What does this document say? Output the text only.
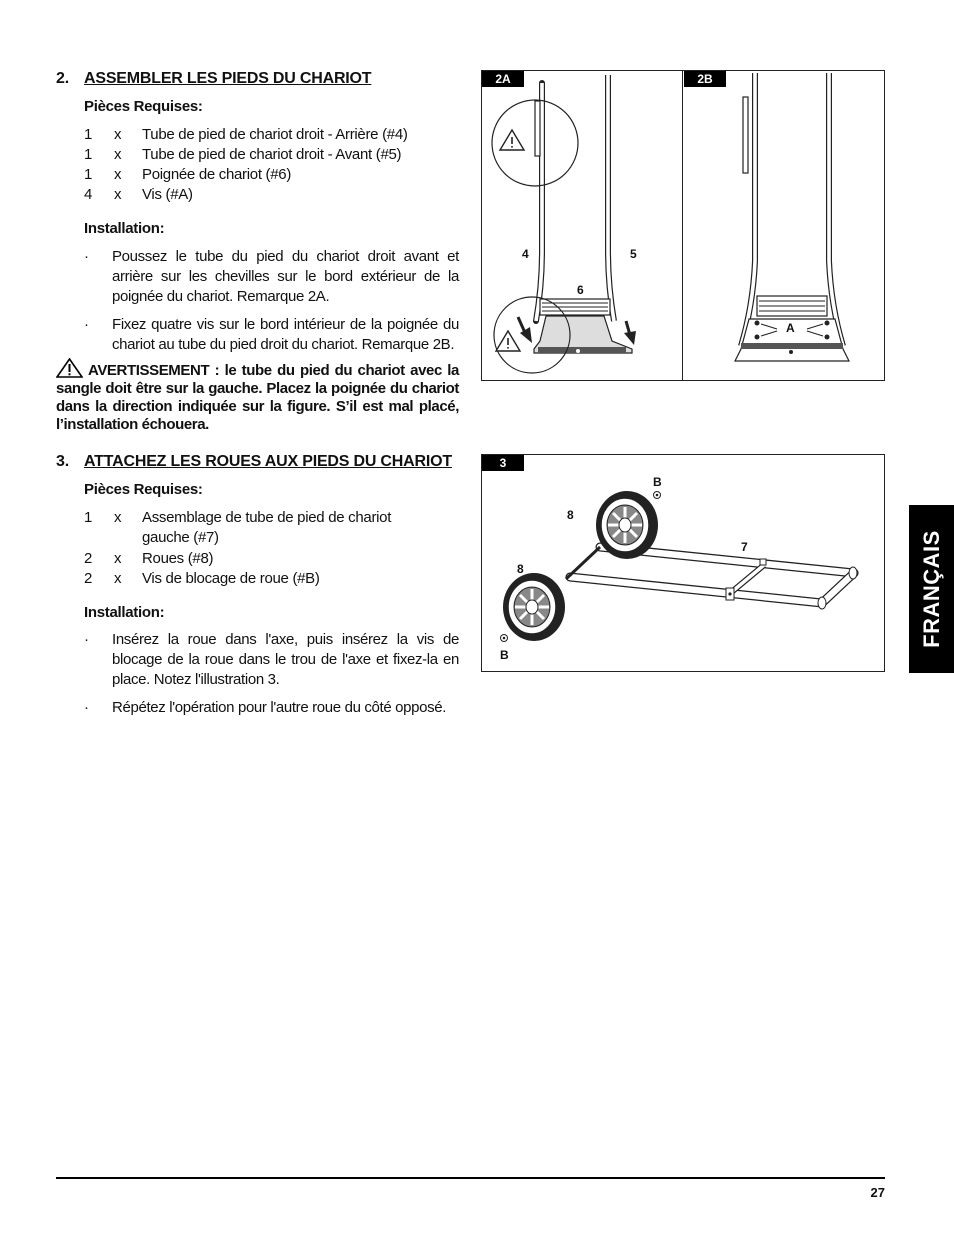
2. ASSEMBLER LES PIEDS DU CHARIOT
Pièces Requises:
1 x Tube de pied de chariot droit - Arrière (#4)
1 x Tube de pied de chariot droit - Avant (#5)
1 x Poignée de chariot (#6)
4 x Vis (#A)
Installation:
· Poussez le tube du pied du chariot droit avant et arrière sur les chevilles sur le bord extérieur de la poignée du chariot. Remarque 2A.
· Fixez quatre vis sur le bord intérieur de la poignée du chariot au tube du pied droit du chariot. Remarque 2B.
AVERTISSEMENT : le tube du pied du chariot avec la sangle doit être sur la gauche. Placez la poignée du chariot dans la direction indiquée sur la figure. S’il est mal placé, l’installation échouera.
2A	2B
4	5
6
A
3. ATTACHEZ LES ROUES AUX PIEDS DU CHARIOT
Pièces Requises:
1 x Assemblage de tube de pied de chariot gauche (#7)
2 x Roues (#8)
2 x Vis de blocage de roue (#B)
Installation:
· Insérez la roue dans l'axe, puis insérez la vis de blocage de la roue dans le trou de l'axe et fixez-la en place. Notez l'illustration 3.
· Répétez l'opération pour l'autre roue du côté opposé.
3
B
B
8
8
7	FRANÇAIS
27
